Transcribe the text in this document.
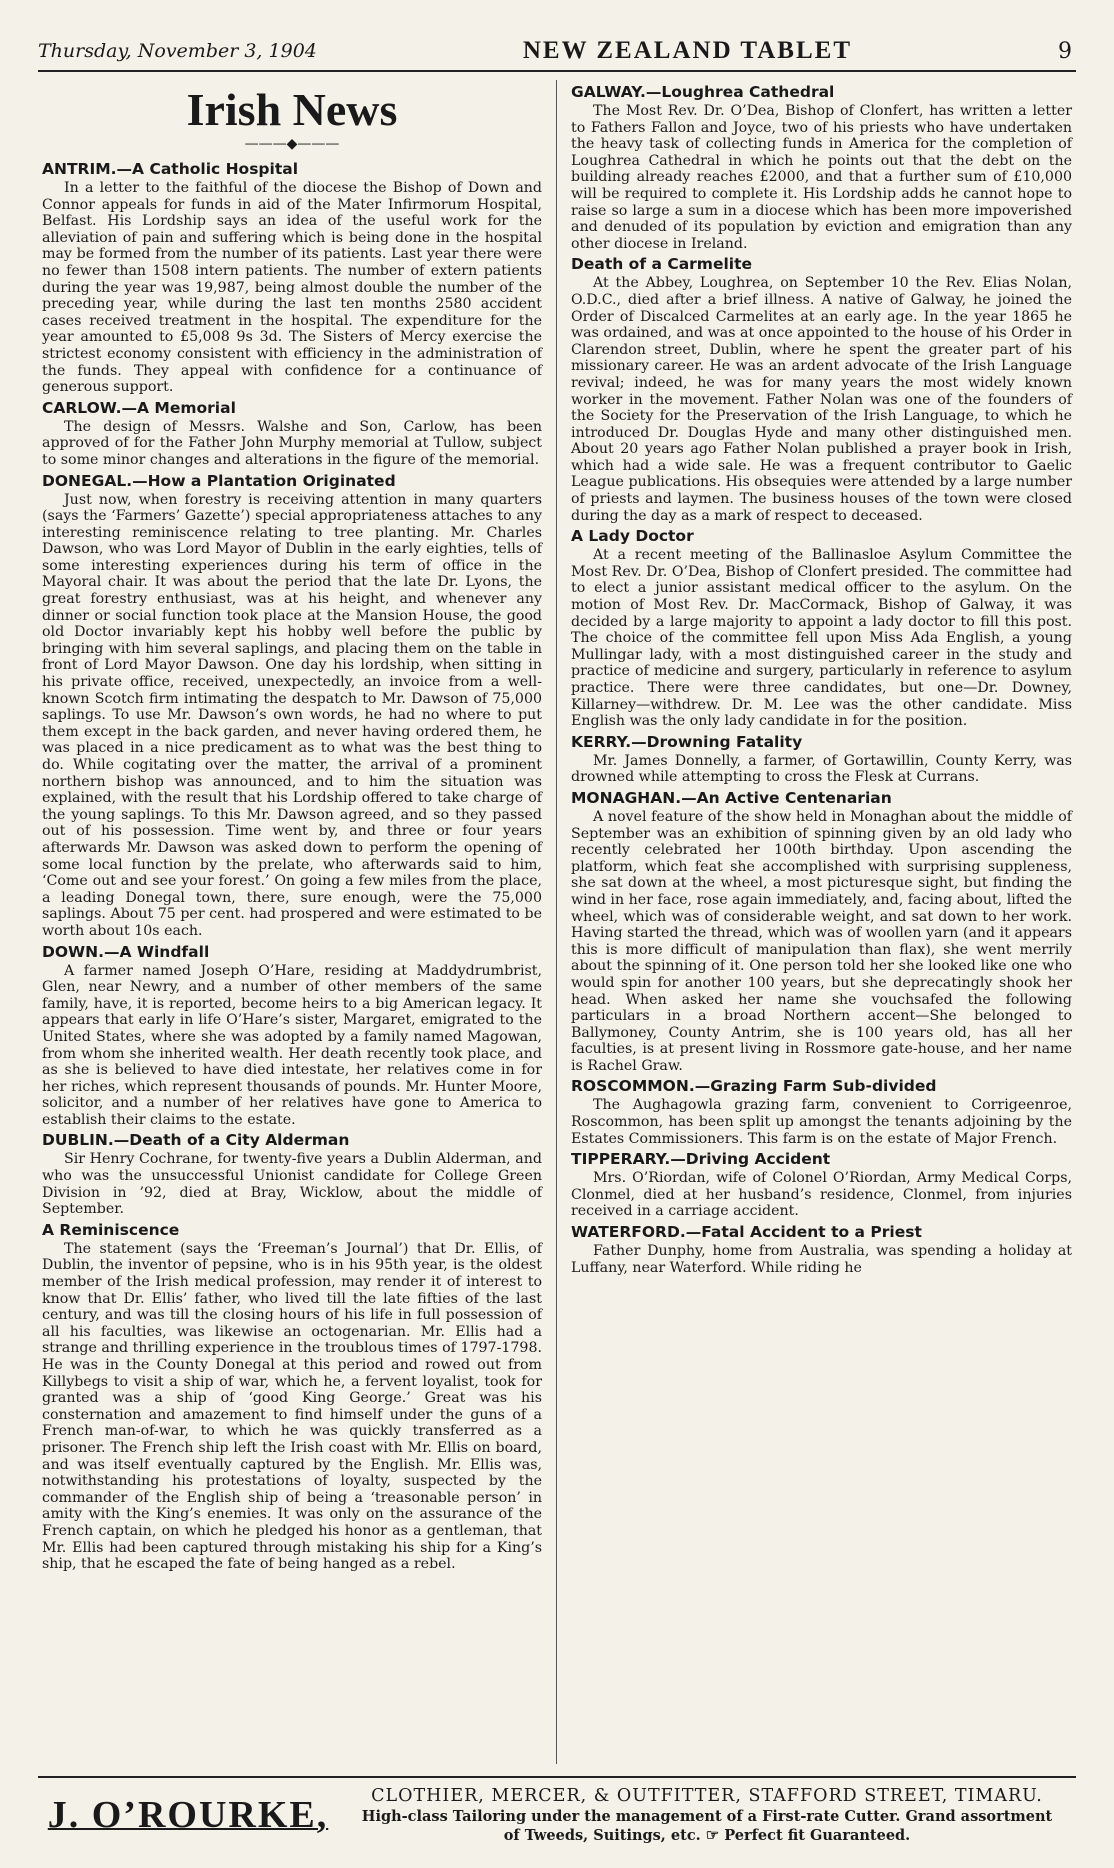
Thursday, November 3, 1904	NEW ZEALAND TABLET	9
Irish News
———◆———
ANTRIM.—A Catholic Hospital

In a letter to the faithful of the diocese the Bishop of Down and Connor appeals for funds in aid of the Mater Infirmorum Hospital, Belfast. His Lordship says an idea of the useful work for the alleviation of pain and suffering which is being done in the hospital may be formed from the number of its patients. Last year there were no fewer than 1508 intern patients. The number of extern patients during the year was 19,987, being almost double the number of the preceding year, while during the last ten months 2580 accident cases received treatment in the hospital. The expenditure for the year amounted to £5,008 9s 3d. The Sisters of Mercy exercise the strictest economy consistent with efficiency in the administration of the funds. They appeal with confidence for a continuance of generous support.

CARLOW.—A Memorial

The design of Messrs. Walshe and Son, Carlow, has been approved of for the Father John Murphy memorial at Tullow, subject to some minor changes and alterations in the figure of the memorial.

DONEGAL.—How a Plantation Originated

Just now, when forestry is receiving attention in many quarters (says the ‘Farmers’ Gazette’) special appropriateness attaches to any interesting reminiscence relating to tree planting. Mr. Charles Dawson, who was Lord Mayor of Dublin in the early eighties, tells of some interesting experiences during his term of office in the Mayoral chair. It was about the period that the late Dr. Lyons, the great forestry enthusiast, was at his height, and whenever any dinner or social function took place at the Mansion House, the good old Doctor invariably kept his hobby well before the public by bringing with him several saplings, and placing them on the table in front of Lord Mayor Dawson. One day his lordship, when sitting in his private office, received, unexpectedly, an invoice from a well-known Scotch firm intimating the despatch to Mr. Dawson of 75,000 saplings. To use Mr. Dawson’s own words, he had no where to put them except in the back garden, and never having ordered them, he was placed in a nice predicament as to what was the best thing to do. While cogitating over the matter, the arrival of a prominent northern bishop was announced, and to him the situation was explained, with the result that his Lordship offered to take charge of the young saplings. To this Mr. Dawson agreed, and so they passed out of his possession. Time went by, and three or four years afterwards Mr. Dawson was asked down to perform the opening of some local function by the prelate, who afterwards said to him, ‘Come out and see your forest.’ On going a few miles from the place, a leading Donegal town, there, sure enough, were the 75,000 saplings. About 75 per cent. had prospered and were estimated to be worth about 10s each.

DOWN.—A Windfall

A farmer named Joseph O’Hare, residing at Maddydrumbrist, Glen, near Newry, and a number of other members of the same family, have, it is reported, become heirs to a big American legacy. It appears that early in life O’Hare’s sister, Margaret, emigrated to the United States, where she was adopted by a family named Magowan, from whom she inherited wealth. Her death recently took place, and as she is believed to have died intestate, her relatives come in for her riches, which represent thousands of pounds. Mr. Hunter Moore, solicitor, and a number of her relatives have gone to America to establish their claims to the estate.

DUBLIN.—Death of a City Alderman

Sir Henry Cochrane, for twenty-five years a Dublin Alderman, and who was the unsuccessful Unionist candidate for College Green Division in ’92, died at Bray, Wicklow, about the middle of September.

A Reminiscence

The statement (says the ‘Freeman’s Journal’) that Dr. Ellis, of Dublin, the inventor of pepsine, who is in his 95th year, is the oldest member of the Irish medical profession, may render it of interest to know that Dr. Ellis’ father, who lived till the late fifties of the last century, and was till the closing hours of his life in full possession of all his faculties, was likewise an octogenarian. Mr. Ellis had a strange and thrilling experience in the troublous times of 1797-1798. He was in the County Donegal at this period and rowed out from Killybegs to visit a ship of war, which he, a fervent loyalist, took for granted was a ship of ‘good King George.’ Great was his consternation and amazement to find himself under the guns of a French man-of-war, to which he was quickly transferred as a prisoner. The French ship left the Irish coast with Mr. Ellis on board, and was itself eventually captured by the English. Mr. Ellis was, notwithstanding his protestations of loyalty, suspected by the commander of the English ship of being a ‘treasonable person’ in amity with the King’s enemies. It was only on the assurance of the French captain, on which he pledged his honor as a gentleman, that Mr. Ellis had been captured through mistaking his ship for a King’s ship, that he escaped the fate of being hanged as a rebel.

GALWAY.—Loughrea Cathedral

The Most Rev. Dr. O’Dea, Bishop of Clonfert, has written a letter to Fathers Fallon and Joyce, two of his priests who have undertaken the heavy task of collecting funds in America for the completion of Loughrea Cathedral in which he points out that the debt on the building already reaches £2000, and that a further sum of £10,000 will be required to complete it. His Lordship adds he cannot hope to raise so large a sum in a diocese which has been more impoverished and denuded of its population by eviction and emigration than any other diocese in Ireland.

Death of a Carmelite

At the Abbey, Loughrea, on September 10 the Rev. Elias Nolan, O.D.C., died after a brief illness. A native of Galway, he joined the Order of Discalced Carmelites at an early age. In the year 1865 he was ordained, and was at once appointed to the house of his Order in Clarendon street, Dublin, where he spent the greater part of his missionary career. He was an ardent advocate of the Irish Language revival; indeed, he was for many years the most widely known worker in the movement. Father Nolan was one of the founders of the Society for the Preservation of the Irish Language, to which he introduced Dr. Douglas Hyde and many other distinguished men. About 20 years ago Father Nolan published a prayer book in Irish, which had a wide sale. He was a frequent contributor to Gaelic League publications. His obsequies were attended by a large number of priests and laymen. The business houses of the town were closed during the day as a mark of respect to deceased.

A Lady Doctor

At a recent meeting of the Ballinasloe Asylum Committee the Most Rev. Dr. O’Dea, Bishop of Clonfert presided. The committee had to elect a junior assistant medical officer to the asylum. On the motion of Most Rev. Dr. MacCormack, Bishop of Galway, it was decided by a large majority to appoint a lady doctor to fill this post. The choice of the committee fell upon Miss Ada English, a young Mullingar lady, with a most distinguished career in the study and practice of medicine and surgery, particularly in reference to asylum practice. There were three candidates, but one—Dr. Downey, Killarney—withdrew. Dr. M. Lee was the other candidate. Miss English was the only lady candidate in for the position.

KERRY.—Drowning Fatality

Mr. James Donnelly, a farmer, of Gortawillin, County Kerry, was drowned while attempting to cross the Flesk at Currans.

MONAGHAN.—An Active Centenarian

A novel feature of the show held in Monaghan about the middle of September was an exhibition of spinning given by an old lady who recently celebrated her 100th birthday. Upon ascending the platform, which feat she accomplished with surprising suppleness, she sat down at the wheel, a most picturesque sight, but finding the wind in her face, rose again immediately, and, facing about, lifted the wheel, which was of considerable weight, and sat down to her work. Having started the thread, which was of woollen yarn (and it appears this is more difficult of manipulation than flax), she went merrily about the spinning of it. One person told her she looked like one who would spin for another 100 years, but she deprecatingly shook her head. When asked her name she vouchsafed the following particulars in a broad Northern accent—She belonged to Ballymoney, County Antrim, she is 100 years old, has all her faculties, is at present living in Rossmore gate-house, and her name is Rachel Graw.

ROSCOMMON.—Grazing Farm Sub-divided

The Aughagowla grazing farm, convenient to Corrigeenroe, Roscommon, has been split up amongst the tenants adjoining by the Estates Commissioners. This farm is on the estate of Major French.

TIPPERARY.—Driving Accident

Mrs. O’Riordan, wife of Colonel O’Riordan, Army Medical Corps, Clonmel, died at her husband’s residence, Clonmel, from injuries received in a carriage accident.

WATERFORD.—Fatal Accident to a Priest

Father Dunphy, home from Australia, was spending a holiday at Luffany, near Waterford. While riding he

J. O’ROURKE,	CLOTHIER, MERCER, & OUTFITTER, STAFFORD STREET, TIMARU.
High-class Tailoring under the management of a First-rate Cutter. Grand assortment
of Tweeds, Suitings, etc. ☞ Perfect fit Guaranteed.
